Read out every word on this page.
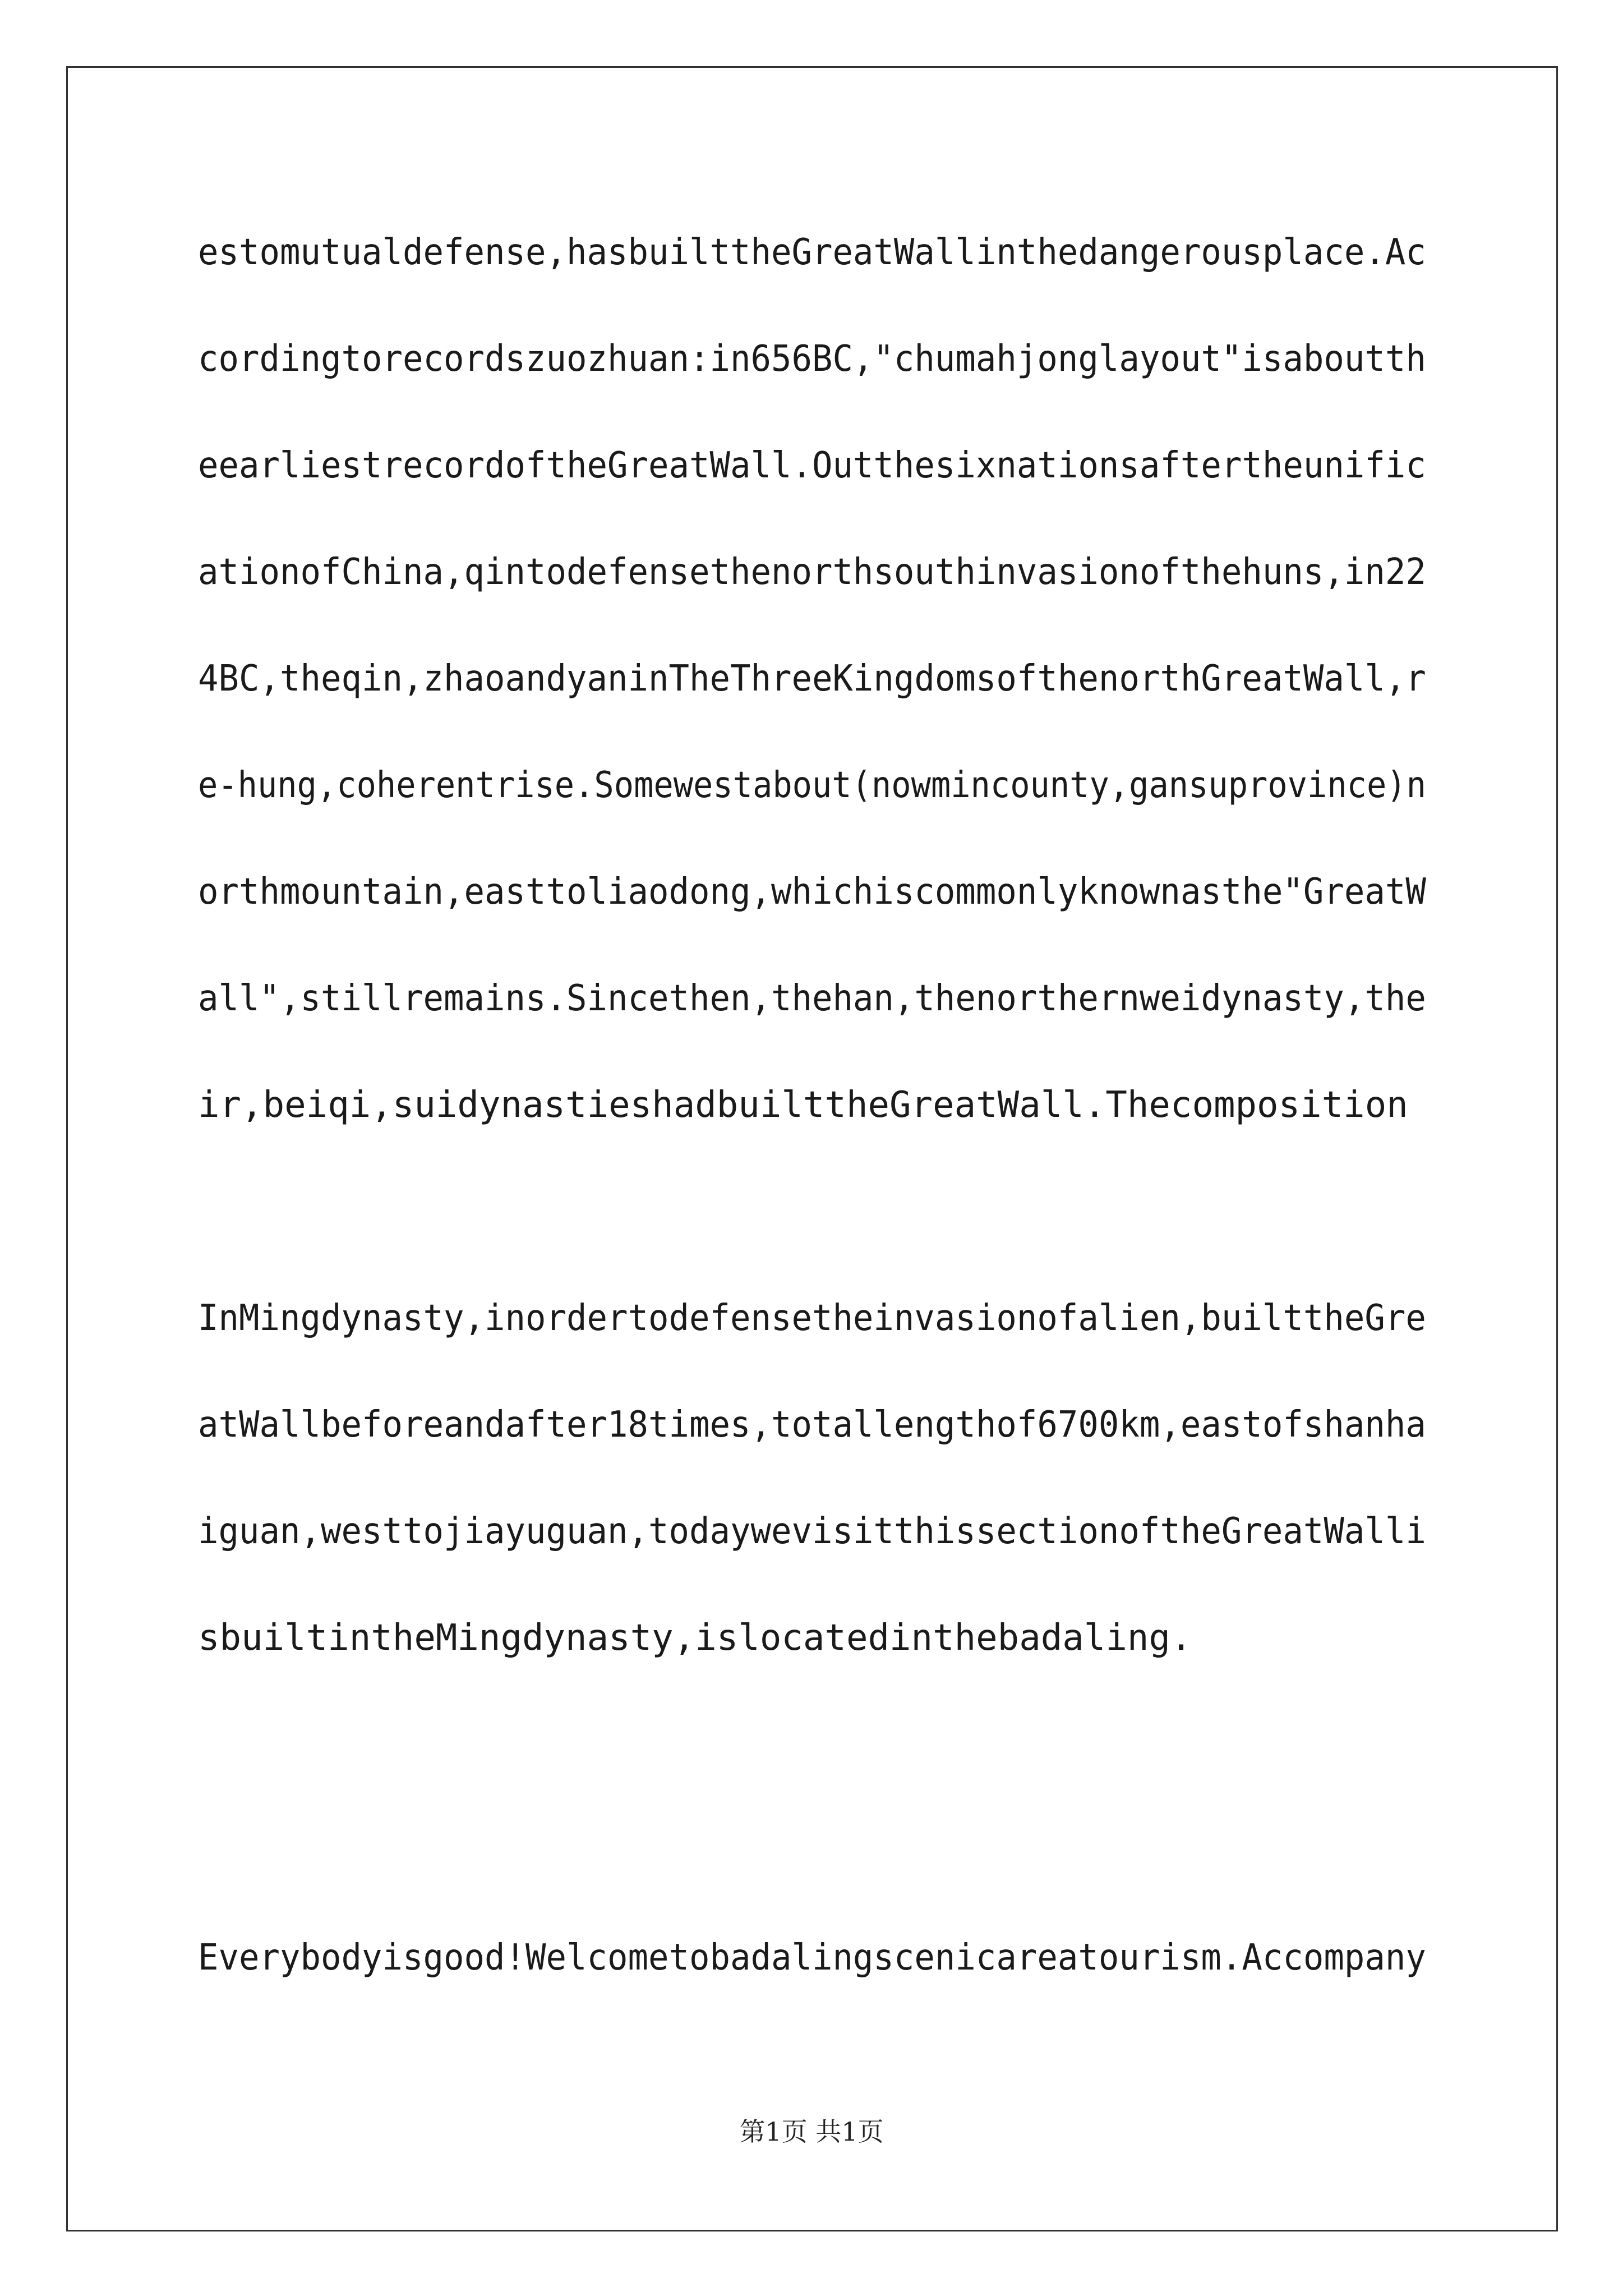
estomutualdefense,hasbuilttheGreatWallinthedangerousplace.Ac
cordingtorecordszuozhuan:in656BC,"chumahjonglayout"isaboutth
eearliestrecordoftheGreatWall.Outthesixnationsaftertheunific
ationofChina,qintodefensethenorthsouthinvasionofthehuns,in22
4BC,theqin,zhaoandyaninTheThreeKingdomsofthenorthGreatWall,r
e-hung,coherentrise.Somewestabout(nowmincounty,gansuprovince)n
orthmountain,easttoliaodong,whichiscommonlyknownasthe"GreatW
all",stillremains.Sincethen,thehan,thenorthernweidynasty,the
ir,beiqi,suidynastieshadbuilttheGreatWall.Thecomposition
InMingdynasty,inordertodefensetheinvasionofalien,builttheGre
atWallbeforeandafter18times,totallengthof6700km,eastofshanha
iguan,westtojiayuguan,todaywevisitthissectionoftheGreatWalli
sbuiltintheMingdynasty,islocatedinthebadaling.
Everybodyisgood!Welcometobadalingscenicareatourism.Accompany
第1页 共1页
